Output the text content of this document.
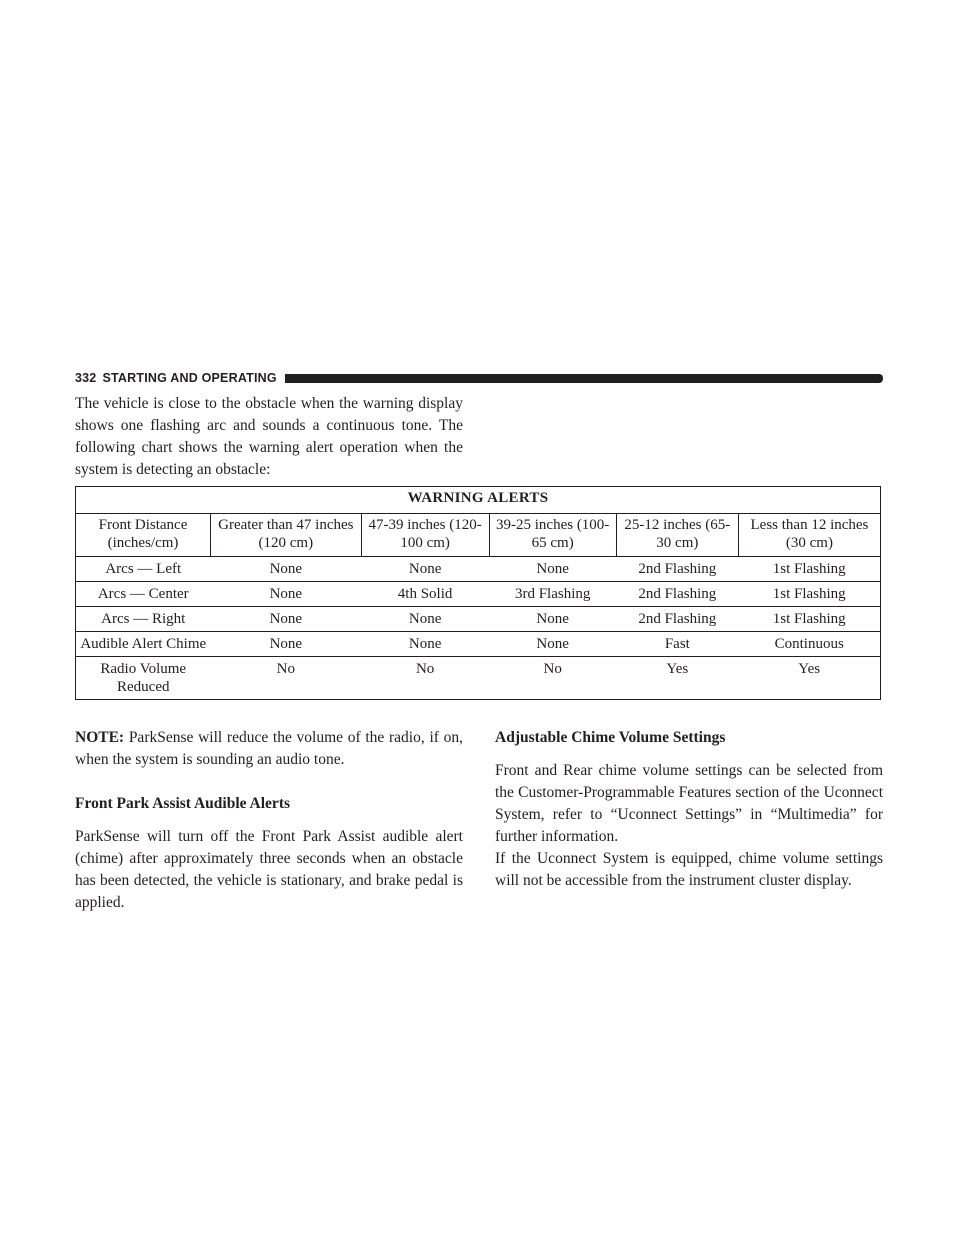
332 STARTING AND OPERATING

The vehicle is close to the obstacle when the warning display shows one flashing arc and sounds a continuous tone. The following chart shows the warning alert operation when the system is detecting an obstacle:

WARNING ALERTS					
Front Distance (inches/cm)	Greater than 47 inches (120 cm)	47-39 inches (120-100 cm)	39-25 inches (100-65 cm)	25-12 inches (65-30 cm)	Less than 12 inches (30 cm)
Arcs — Left	None	None	None	2nd Flashing	1st Flashing
Arcs — Center	None	4th Solid	3rd Flashing	2nd Flashing	1st Flashing
Arcs — Right	None	None	None	2nd Flashing	1st Flashing
Audible Alert Chime	None	None	None	Fast	Continuous
Radio Volume Reduced	No	No	No	Yes	Yes

NOTE: ParkSense will reduce the volume of the radio, if on, when the system is sounding an audio tone.

Front Park Assist Audible Alerts

ParkSense will turn off the Front Park Assist audible alert (chime) after approximately three seconds when an obstacle has been detected, the vehicle is stationary, and brake pedal is applied.

Adjustable Chime Volume Settings

Front and Rear chime volume settings can be selected from the Customer-Programmable Features section of the Uconnect System, refer to “Uconnect Settings” in “Multimedia” for further information.

If the Uconnect System is equipped, chime volume settings will not be accessible from the instrument cluster display.
